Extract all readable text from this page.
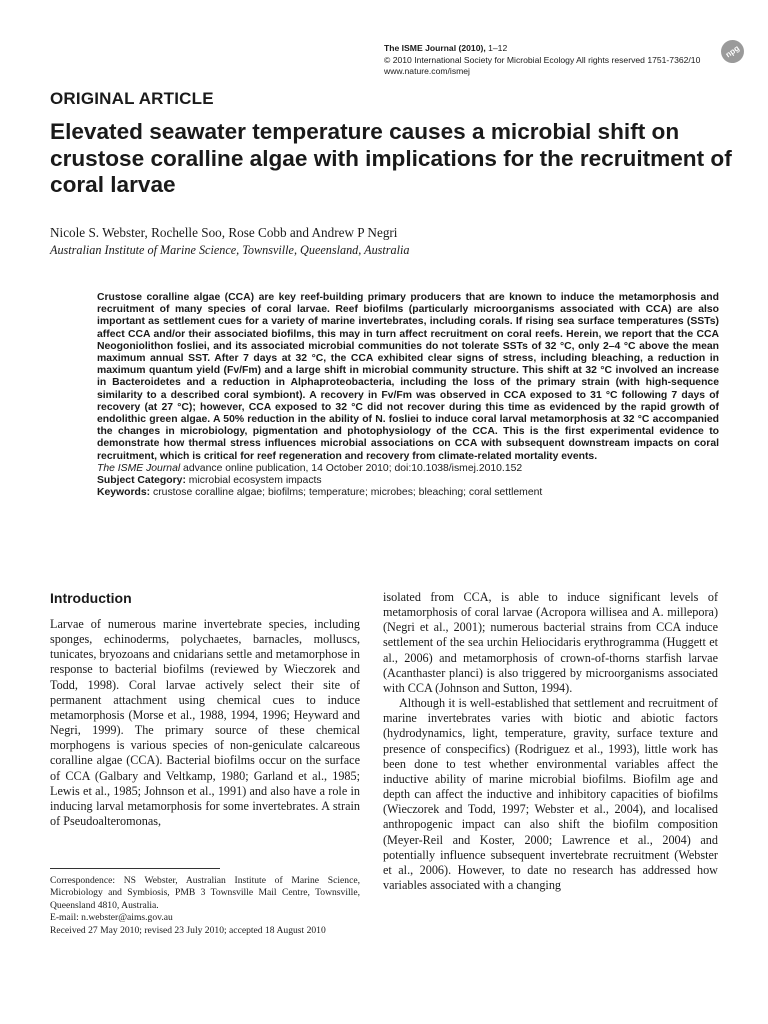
The ISME Journal (2010), 1–12
© 2010 International Society for Microbial Ecology All rights reserved 1751-7362/10
www.nature.com/ismej
npg
ORIGINAL ARTICLE
Elevated seawater temperature causes a microbial shift on crustose coralline algae with implications for the recruitment of coral larvae
Nicole S. Webster, Rochelle Soo, Rose Cobb and Andrew P Negri
Australian Institute of Marine Science, Townsville, Queensland, Australia

Crustose coralline algae (CCA) are key reef-building primary producers that are known to induce the metamorphosis and recruitment of many species of coral larvae. Reef biofilms (particularly microorganisms associated with CCA) are also important as settlement cues for a variety of marine invertebrates, including corals. If rising sea surface temperatures (SSTs) affect CCA and/or their associated biofilms, this may in turn affect recruitment on coral reefs. Herein, we report that the CCA Neogoniolithon fosliei, and its associated microbial communities do not tolerate SSTs of 32 °C, only 2–4 °C above the mean maximum annual SST. After 7 days at 32 °C, the CCA exhibited clear signs of stress, including bleaching, a reduction in maximum quantum yield (Fv/Fm) and a large shift in microbial community structure. This shift at 32 °C involved an increase in Bacteroidetes and a reduction in Alphaproteobacteria, including the loss of the primary strain (with high-sequence similarity to a described coral symbiont). A recovery in Fv/Fm was observed in CCA exposed to 31 °C following 7 days of recovery (at 27 °C); however, CCA exposed to 32 °C did not recover during this time as evidenced by the rapid growth of endolithic green algae. A 50% reduction in the ability of N. fosliei to induce coral larval metamorphosis at 32 °C accompanied the changes in microbiology, pigmentation and photophysiology of the CCA. This is the first experimental evidence to demonstrate how thermal stress influences microbial associations on CCA with subsequent downstream impacts on coral recruitment, which is critical for reef regeneration and recovery from climate-related mortality events.

The ISME Journal advance online publication, 14 October 2010; doi:10.1038/ismej.2010.152

Subject Category: microbial ecosystem impacts

Keywords: crustose coralline algae; biofilms; temperature; microbes; bleaching; coral settlement

Introduction

Larvae of numerous marine invertebrate species, including sponges, echinoderms, polychaetes, barnacles, molluscs, tunicates, bryozoans and cnidarians settle and metamorphose in response to bacterial biofilms (reviewed by Wieczorek and Todd, 1998). Coral larvae actively select their site of permanent attachment using chemical cues to induce metamorphosis (Morse et al., 1988, 1994, 1996; Heyward and Negri, 1999). The primary source of these chemical morphogens is various species of non-geniculate calcareous coralline algae (CCA). Bacterial biofilms occur on the surface of CCA (Galbary and Veltkamp, 1980; Garland et al., 1985; Lewis et al., 1985; Johnson et al., 1991) and also have a role in inducing larval metamorphosis for some invertebrates. A strain of Pseudoalteromonas,

isolated from CCA, is able to induce significant levels of metamorphosis of coral larvae (Acropora willisea and A. millepora) (Negri et al., 2001); numerous bacterial strains from CCA induce settlement of the sea urchin Heliocidaris erythrogramma (Huggett et al., 2006) and metamorphosis of crown-of-thorns starfish larvae (Acanthaster planci) is also triggered by microorganisms associated with CCA (Johnson and Sutton, 1994).

Although it is well-established that settlement and recruitment of marine invertebrates varies with biotic and abiotic factors (hydrodynamics, light, temperature, gravity, surface texture and presence of conspecifics) (Rodriguez et al., 1993), little work has been done to test whether environmental variables affect the inductive ability of marine microbial biofilms. Biofilm age and depth can affect the inductive and inhibitory capacities of biofilms (Wieczorek and Todd, 1997; Webster et al., 2004), and localised anthropogenic impact can also shift the biofilm composition (Meyer-Reil and Koster, 2000; Lawrence et al., 2004) and potentially influence subsequent invertebrate recruitment (Webster et al., 2006). However, to date no research has addressed how variables associated with a changing

Correspondence: NS Webster, Australian Institute of Marine Science, Microbiology and Symbiosis, PMB 3 Townsville Mail Centre, Townsville, Queensland 4810, Australia.

E-mail: n.webster@aims.gov.au

Received 27 May 2010; revised 23 July 2010; accepted 18 August 2010
